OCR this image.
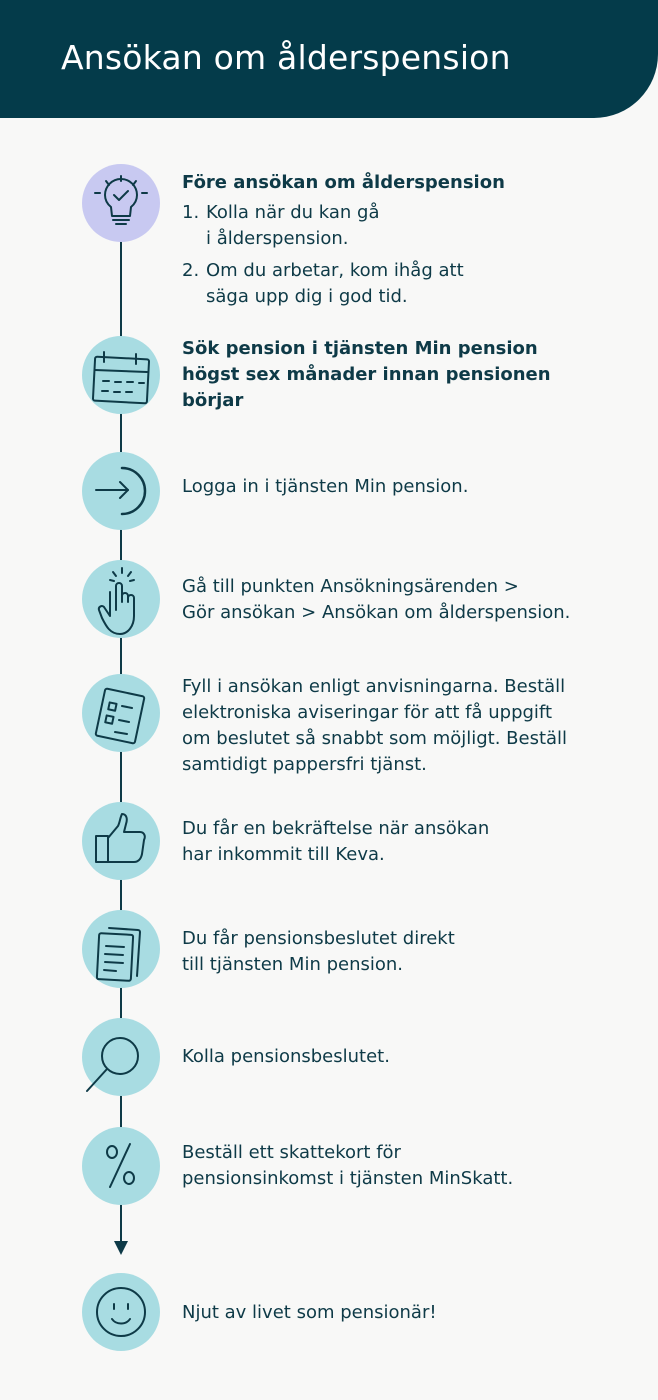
Ansökan om ålderspension
Före ansökan om ålderspension
1. Kolla när du kan gå
i ålderspension.
2. Om du arbetar, kom ihåg att
säga upp dig i god tid.
Sök pension i tjänsten Min pension
högst sex månader innan pensionen
börjar
Logga in i tjänsten Min pension.
Gå till punkten Ansökningsärenden >
Gör ansökan > Ansökan om ålderspension.
Fyll i ansökan enligt anvisningarna. Beställ
elektroniska aviseringar för att få uppgift
om beslutet så snabbt som möjligt. Beställ
samtidigt pappersfri tjänst.
Du får en bekräftelse när ansökan
har inkommit till Keva.
Du får pensionsbeslutet direkt
till tjänsten Min pension.
Kolla pensionsbeslutet.
Beställ ett skattekort för
pensionsinkomst i tjänsten MinSkatt.
Njut av livet som pensionär!
